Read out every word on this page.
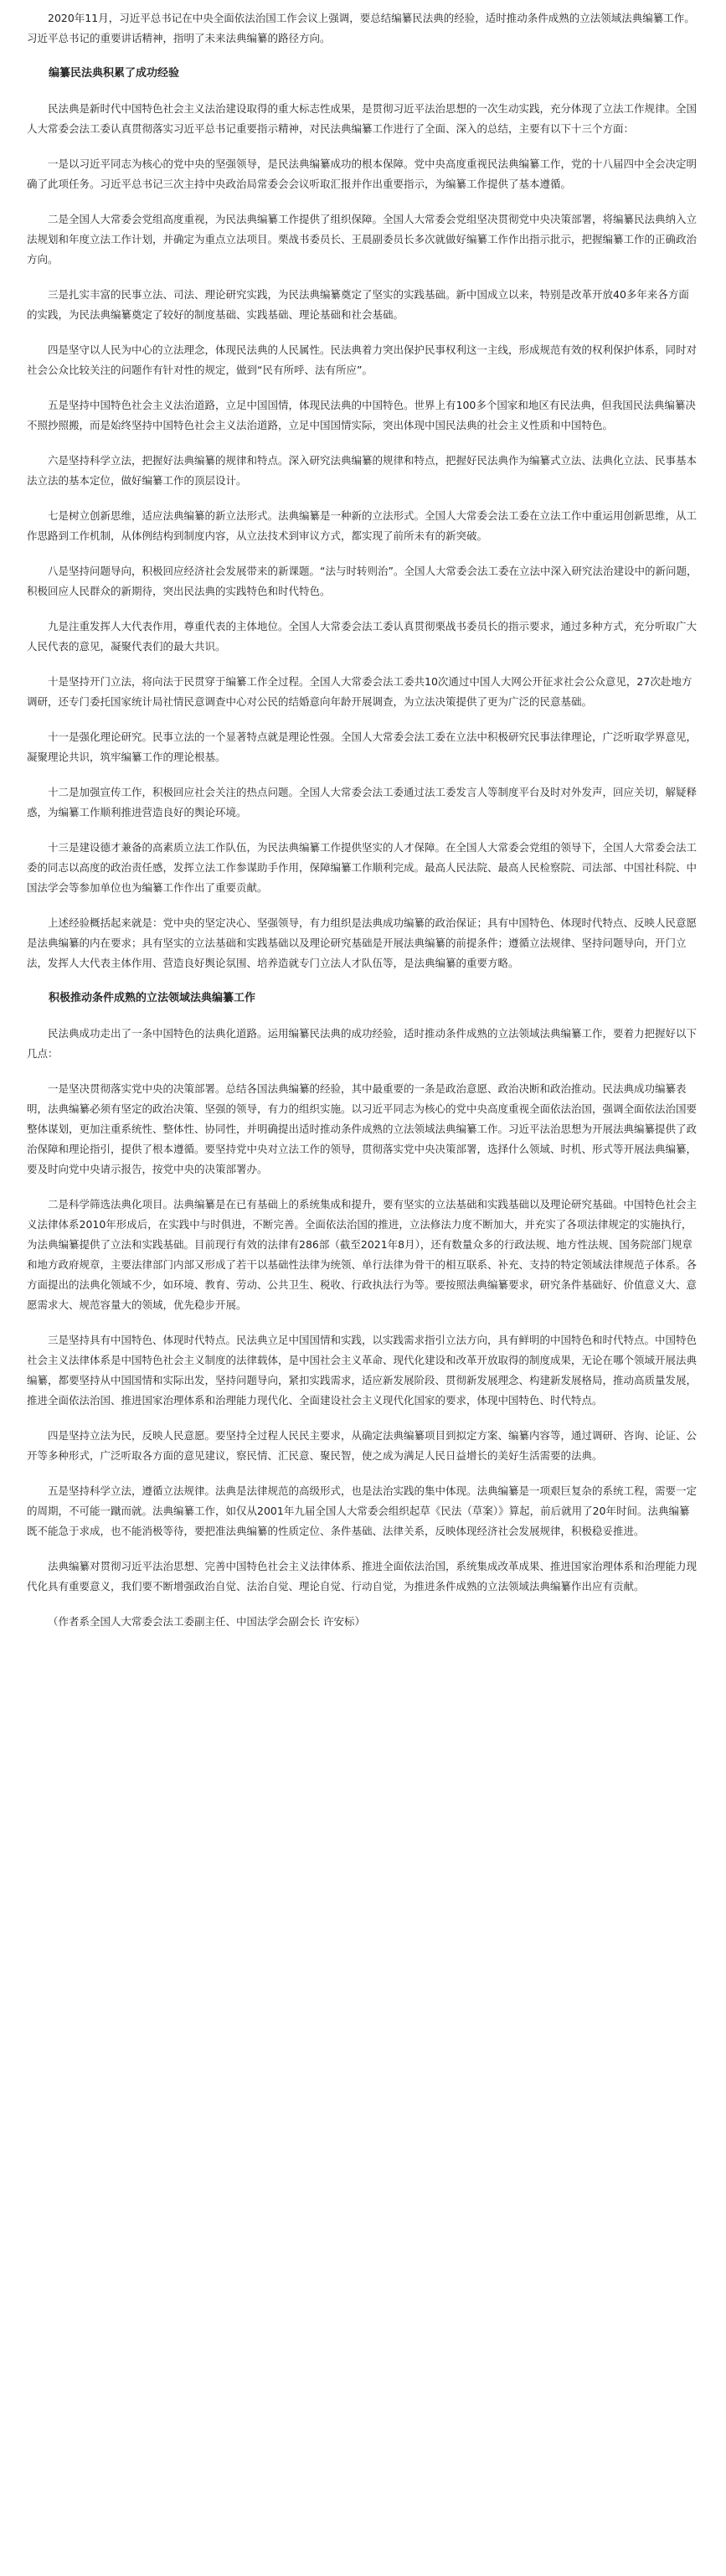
2020年11月，习近平总书记在中央全面依法治国工作会议上强调，要总结编纂民法典的经验，适时推动条件成熟的立法领域法典编纂工作。习近平总书记的重要讲话精神，指明了未来法典编纂的路径方向。

编纂民法典积累了成功经验

民法典是新时代中国特色社会主义法治建设取得的重大标志性成果，是贯彻习近平法治思想的一次生动实践，充分体现了立法工作规律。全国人大常委会法工委认真贯彻落实习近平总书记重要指示精神，对民法典编纂工作进行了全面、深入的总结，主要有以下十三个方面：

一是以习近平同志为核心的党中央的坚强领导，是民法典编纂成功的根本保障。党中央高度重视民法典编纂工作，党的十八届四中全会决定明确了此项任务。习近平总书记三次主持中央政治局常委会会议听取汇报并作出重要指示，为编纂工作提供了基本遵循。

二是全国人大常委会党组高度重视，为民法典编纂工作提供了组织保障。全国人大常委会党组坚决贯彻党中央决策部署，将编纂民法典纳入立法规划和年度立法工作计划，并确定为重点立法项目。栗战书委员长、王晨副委员长多次就做好编纂工作作出指示批示，把握编纂工作的正确政治方向。

三是扎实丰富的民事立法、司法、理论研究实践，为民法典编纂奠定了坚实的实践基础。新中国成立以来，特别是改革开放40多年来各方面的实践，为民法典编纂奠定了较好的制度基础、实践基础、理论基础和社会基础。

四是坚守以人民为中心的立法理念，体现民法典的人民属性。民法典着力突出保护民事权利这一主线，形成规范有效的权利保护体系，同时对社会公众比较关注的问题作有针对性的规定，做到“民有所呼、法有所应”。

五是坚持中国特色社会主义法治道路，立足中国国情，体现民法典的中国特色。世界上有100多个国家和地区有民法典，但我国民法典编纂决不照抄照搬，而是始终坚持中国特色社会主义法治道路，立足中国国情实际，突出体现中国民法典的社会主义性质和中国特色。

六是坚持科学立法，把握好法典编纂的规律和特点。深入研究法典编纂的规律和特点，把握好民法典作为编纂式立法、法典化立法、民事基本法立法的基本定位，做好编纂工作的顶层设计。

七是树立创新思维，适应法典编纂的新立法形式。法典编纂是一种新的立法形式。全国人大常委会法工委在立法工作中重运用创新思维，从工作思路到工作机制，从体例结构到制度内容，从立法技术到审议方式，都实现了前所未有的新突破。

八是坚持问题导向，积极回应经济社会发展带来的新课题。“法与时转则治”。全国人大常委会法工委在立法中深入研究法治建设中的新问题，积极回应人民群众的新期待，突出民法典的实践特色和时代特色。

九是注重发挥人大代表作用，尊重代表的主体地位。全国人大常委会法工委认真贯彻栗战书委员长的指示要求，通过多种方式，充分听取广大人民代表的意见，凝聚代表们的最大共识。

十是坚持开门立法，将向法于民贯穿于编纂工作全过程。全国人大常委会法工委共10次通过中国人大网公开征求社会公众意见，27次赴地方调研，还专门委托国家统计局社情民意调查中心对公民的结婚意向年龄开展调查，为立法决策提供了更为广泛的民意基础。

十一是强化理论研究。民事立法的一个显著特点就是理论性强。全国人大常委会法工委在立法中积极研究民事法律理论，广泛听取学界意见，凝聚理论共识，筑牢编纂工作的理论根基。

十二是加强宣传工作，积极回应社会关注的热点问题。全国人大常委会法工委通过法工委发言人等制度平台及时对外发声，回应关切，解疑释惑，为编纂工作顺利推进营造良好的舆论环境。

十三是建设德才兼备的高素质立法工作队伍，为民法典编纂工作提供坚实的人才保障。在全国人大常委会党组的领导下，全国人大常委会法工委的同志以高度的政治责任感，发挥立法工作参谋助手作用，保障编纂工作顺利完成。最高人民法院、最高人民检察院、司法部、中国社科院、中国法学会等参加单位也为编纂工作作出了重要贡献。

上述经验概括起来就是：党中央的坚定决心、坚强领导，有力组织是法典成功编纂的政治保证；具有中国特色、体现时代特点、反映人民意愿是法典编纂的内在要求；具有坚实的立法基础和实践基础以及理论研究基础是开展法典编纂的前提条件；遵循立法规律、坚持问题导向，开门立法，发挥人大代表主体作用、营造良好舆论氛围、培养造就专门立法人才队伍等，是法典编纂的重要方略。

积极推动条件成熟的立法领域法典编纂工作

民法典成功走出了一条中国特色的法典化道路。运用编纂民法典的成功经验，适时推动条件成熟的立法领域法典编纂工作，要着力把握好以下几点：

一是坚决贯彻落实党中央的决策部署。总结各国法典编纂的经验，其中最重要的一条是政治意愿、政治决断和政治推动。民法典成功编纂表明，法典编纂必须有坚定的政治决策、坚强的领导，有力的组织实施。以习近平同志为核心的党中央高度重视全面依法治国，强调全面依法治国要整体谋划，更加注重系统性、整体性、协同性，并明确提出适时推动条件成熟的立法领域法典编纂工作。习近平法治思想为开展法典编纂提供了政治保障和理论指引，提供了根本遵循。要坚持党中央对立法工作的领导，贯彻落实党中央决策部署，选择什么领域、时机、形式等开展法典编纂，要及时向党中央请示报告，按党中央的决策部署办。

二是科学筛选法典化项目。法典编纂是在已有基础上的系统集成和提升，要有坚实的立法基础和实践基础以及理论研究基础。中国特色社会主义法律体系2010年形成后，在实践中与时俱进，不断完善。全面依法治国的推进，立法修法力度不断加大，并充实了各项法律规定的实施执行，为法典编纂提供了立法和实践基础。目前现行有效的法律有286部（截至2021年8月），还有数量众多的行政法规、地方性法规、国务院部门规章和地方政府规章，主要法律部门内部又形成了若干以基础性法律为统领、单行法律为骨干的相互联系、补充、支持的特定领域法律规范子体系。各方面提出的法典化领域不少，如环境、教育、劳动、公共卫生、税收、行政执法行为等。要按照法典编纂要求，研究条件基础好、价值意义大、意愿需求大、规范容量大的领域，优先稳步开展。

三是坚持具有中国特色、体现时代特点。民法典立足中国国情和实践，以实践需求指引立法方向，具有鲜明的中国特色和时代特点。中国特色社会主义法律体系是中国特色社会主义制度的法律载体，是中国社会主义革命、现代化建设和改革开放取得的制度成果，无论在哪个领域开展法典编纂，都要坚持从中国国情和实际出发，坚持问题导向，紧扣实践需求，适应新发展阶段、贯彻新发展理念、构建新发展格局，推动高质量发展，推进全面依法治国、推进国家治理体系和治理能力现代化、全面建设社会主义现代化国家的要求，体现中国特色、时代特点。

四是坚持立法为民，反映人民意愿。要坚持全过程人民民主要求，从确定法典编纂项目到拟定方案、编纂内容等，通过调研、咨询、论证、公开等多种形式，广泛听取各方面的意见建议，察民情、汇民意、聚民智，使之成为满足人民日益增长的美好生活需要的法典。

五是坚持科学立法，遵循立法规律。法典是法律规范的高级形式，也是法治实践的集中体现。法典编纂是一项艰巨复杂的系统工程，需要一定的周期，不可能一蹴而就。法典编纂工作，如仅从2001年九届全国人大常委会组织起草《民法（草案）》算起，前后就用了20年时间。法典编纂既不能急于求成，也不能消极等待，要把准法典编纂的性质定位、条件基础、法律关系，反映体现经济社会发展规律，积极稳妥推进。

法典编纂对贯彻习近平法治思想、完善中国特色社会主义法律体系、推进全面依法治国，系统集成改革成果、推进国家治理体系和治理能力现代化具有重要意义，我们要不断增强政治自觉、法治自觉、理论自觉、行动自觉，为推进条件成熟的立法领域法典编纂作出应有贡献。

（作者系全国人大常委会法工委副主任、中国法学会副会长 许安标）
